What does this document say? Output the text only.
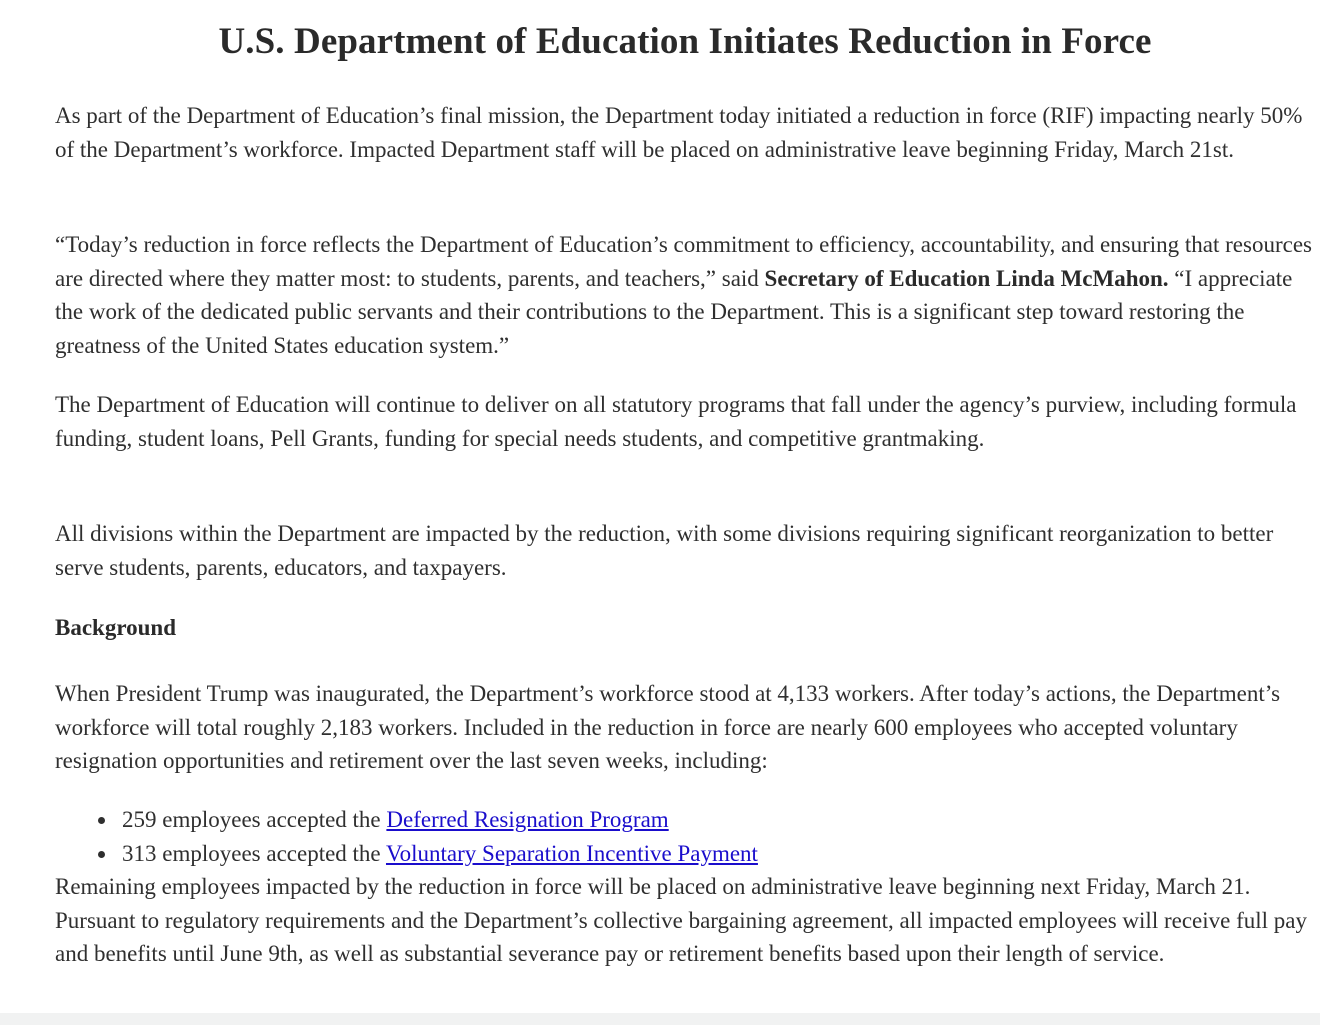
U.S. Department of Education Initiates Reduction in Force

As part of the Department of Education’s final mission, the Department today initiated a reduction in force (RIF) impacting nearly 50% of the Department’s workforce. Impacted Department staff will be placed on administrative leave beginning Friday, March 21st.

“Today’s reduction in force reflects the Department of Education’s commitment to efficiency, accountability, and ensuring that resources are directed where they matter most: to students, parents, and teachers,” said Secretary of Education Linda McMahon. “I appreciate the work of the dedicated public servants and their contributions to the Department. This is a significant step toward restoring the greatness of the United States education system.”

The Department of Education will continue to deliver on all statutory programs that fall under the agency’s purview, including formula funding, student loans, Pell Grants, funding for special needs students, and competitive grantmaking.

All divisions within the Department are impacted by the reduction, with some divisions requiring significant reorganization to better serve students, parents, educators, and taxpayers.

Background

When President Trump was inaugurated, the Department’s workforce stood at 4,133 workers. After today’s actions, the Department’s workforce will total roughly 2,183 workers. Included in the reduction in force are nearly 600 employees who accepted voluntary resignation opportunities and retirement over the last seven weeks, including:

259 employees accepted the Deferred Resignation Program
313 employees accepted the Voluntary Separation Incentive Payment

Remaining employees impacted by the reduction in force will be placed on administrative leave beginning next Friday, March 21. Pursuant to regulatory requirements and the Department’s collective bargaining agreement, all impacted employees will receive full pay and benefits until June 9th, as well as substantial severance pay or retirement benefits based upon their length of service.
